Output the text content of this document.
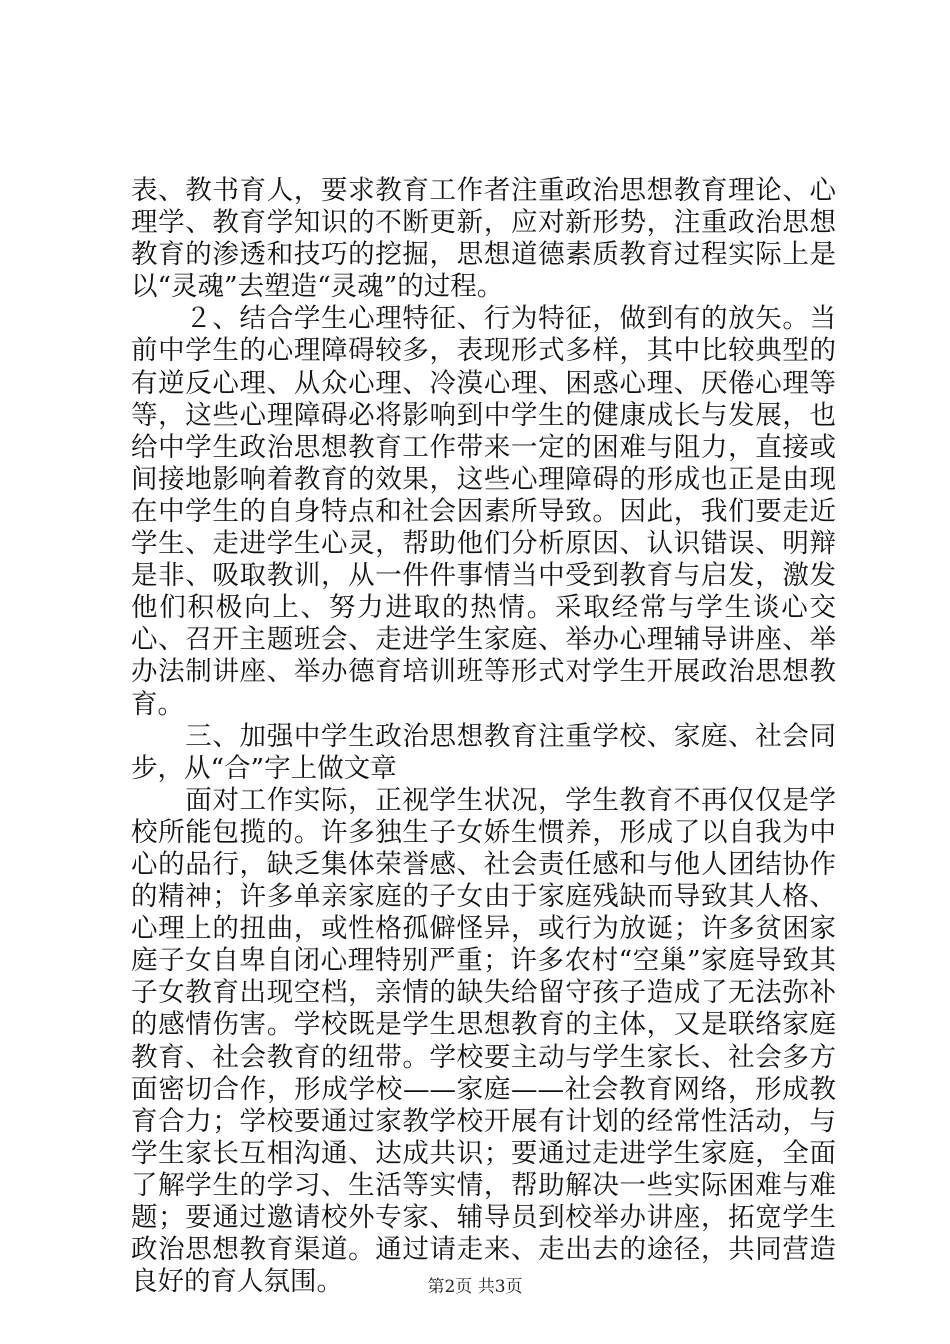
表、教书育人，要求教育工作者注重政治思想教育理论、心理学、教育学知识的不断更新，应对新形势，注重政治思想教育的渗透和技巧的挖掘，思想道德素质教育过程实际上是以“灵魂”去塑造“灵魂”的过程。

　　２、结合学生心理特征、行为特征，做到有的放矢。当前中学生的心理障碍较多，表现形式多样，其中比较典型的有逆反心理、从众心理、冷漠心理、困惑心理、厌倦心理等等，这些心理障碍必将影响到中学生的健康成长与发展，也给中学生政治思想教育工作带来一定的困难与阻力，直接或间接地影响着教育的效果，这些心理障碍的形成也正是由现在中学生的自身特点和社会因素所导致。因此，我们要走近学生、走进学生心灵，帮助他们分析原因、认识错误、明辩是非、吸取教训，从一件件事情当中受到教育与启发，激发他们积极向上、努力进取的热情。采取经常与学生谈心交心、召开主题班会、走进学生家庭、举办心理辅导讲座、举办法制讲座、举办德育培训班等形式对学生开展政治思想教育。

　　三、加强中学生政治思想教育注重学校、家庭、社会同步，从“合”字上做文章

　　面对工作实际，正视学生状况，学生教育不再仅仅是学校所能包揽的。许多独生子女娇生惯养，形成了以自我为中心的品行，缺乏集体荣誉感、社会责任感和与他人团结协作的精神；许多单亲家庭的子女由于家庭残缺而导致其人格、心理上的扭曲，或性格孤僻怪异，或行为放诞；许多贫困家庭子女自卑自闭心理特别严重；许多农村“空巢”家庭导致其子女教育出现空档，亲情的缺失给留守孩子造成了无法弥补的感情伤害。学校既是学生思想教育的主体，又是联络家庭教育、社会教育的纽带。学校要主动与学生家长、社会多方面密切合作，形成学校——家庭——社会教育网络，形成教育合力；学校要通过家教学校开展有计划的经常性活动，与学生家长互相沟通、达成共识；要通过走进学生家庭，全面了解学生的学习、生活等实情，帮助解决一些实际困难与难题；要通过邀请校外专家、辅导员到校举办讲座，拓宽学生政治思想教育渠道。通过请走来、走出去的途径，共同营造良好的育人氛围。	第2页 共3页
